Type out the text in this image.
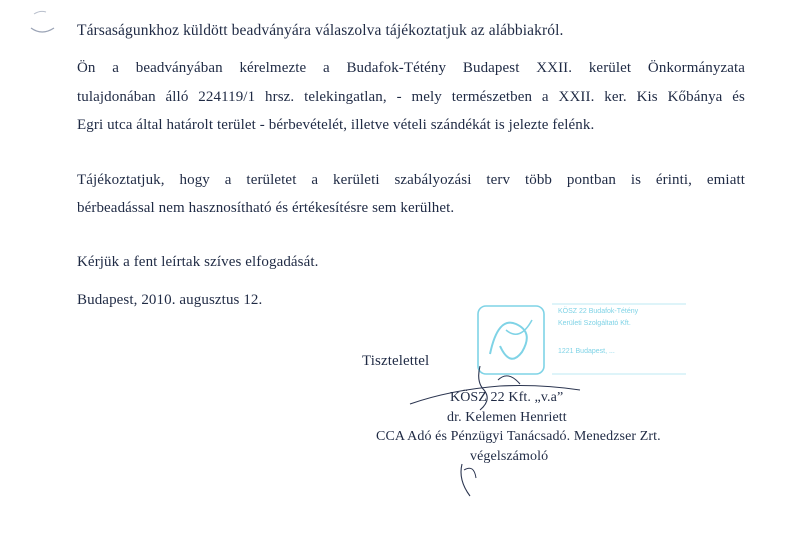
Társaságunkhoz küldött beadványára válaszolva tájékoztatjuk az alábbiakról.
Ön a beadványában kérelmezte a Budafok-Tétény Budapest XXII. kerület Önkormányzata
tulajdonában álló 224119/1 hrsz. telekingatlan, - mely természetben a XXII. ker. Kis Kőbánya és
Egri utca által határolt terület - bérbevételét, illetve vételi szándékát is jelezte felénk.
Tájékoztatjuk, hogy a területet a kerületi szabályozási terv több pontban is érinti, emiatt
bérbeadással nem hasznosítható és értékesítésre sem kerülhet.
Kérjük a fent leírtak szíves elfogadását.
Budapest, 2010. augusztus 12.
Tisztelettel
KÖSZ 22 Budafok-Tétény
Kerületi Szolgáltató Kft.
1221 Budapest, ...
KÖSZ 22 Kft. „v.a”
dr. Kelemen Henriett
CCA Adó és Pénzügyi Tanácsadó. Menedzser Zrt.
végelszámoló
